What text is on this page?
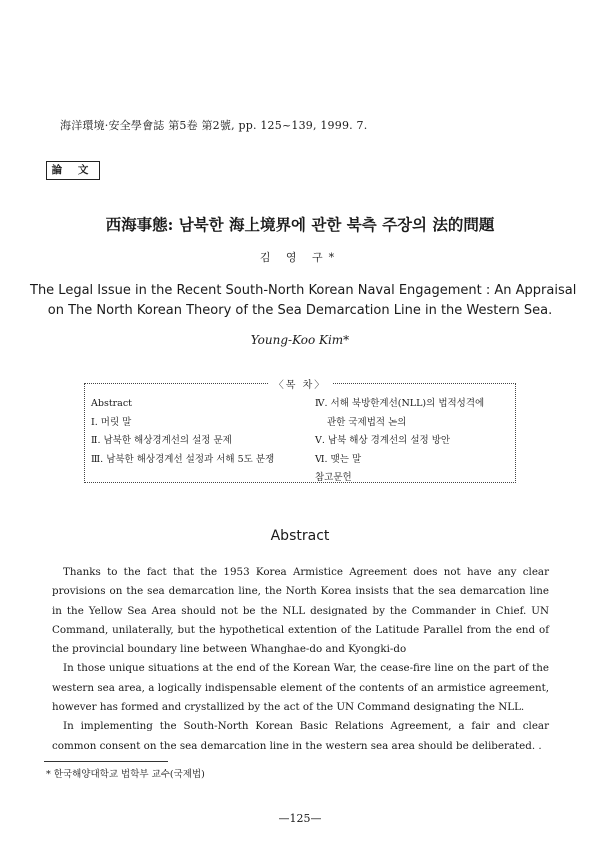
海洋環境·安全學會誌 第5卷 第2號, pp. 125~139, 1999. 7.
論 文
西海事態: 남북한 海上境界에 관한 북측 주장의 法的問題
김 영 구*
The Legal Issue in the Recent South-North Korean Naval Engagement : An Appraisal
on The North Korean Theory of the Sea Demarcation Line in the Western Sea.
Young-Koo Kim*
〈목 차〉
Abstract
Ⅰ. 머릿 말
Ⅱ. 남북한 해상경계선의 설정 문제
Ⅲ. 남북한 해상경계선 설정과 서해 5도 분쟁
Ⅳ. 서해 북방한계선(NLL)의 법적성격에
관한 국제법적 논의
Ⅴ. 남북 해상 경계선의 설정 방안
Ⅵ. 맺는 말
참고문헌
Abstract

Thanks to the fact that the 1953 Korea Armistice Agreement does not have any clear provisions on the sea demarcation line, the North Korea insists that the sea demarcation line in the Yellow Sea Area should not be the NLL designated by the Commander in Chief. UN Command, unilaterally, but the hypothetical extention of the Latitude Parallel from the end of the provincial boundary line between Whanghae-do and Kyongki-do

In those unique situations at the end of the Korean War, the cease-fire line on the part of the western sea area, a logically indispensable element of the contents of an armistice agreement, however has formed and crystallized by the act of the UN Command designating the NLL.

In implementing the South-North Korean Basic Relations Agreement, a fair and clear common consent on the sea demarcation line in the western sea area should be deliberated. .

* 한국해양대학교 법학부 교수(국제법)
—125—
